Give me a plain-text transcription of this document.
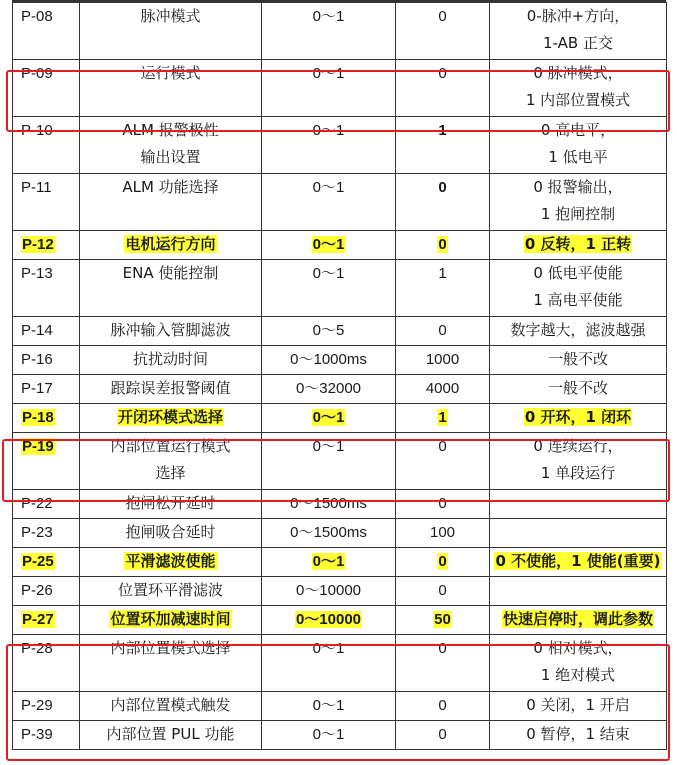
P-08	脉冲模式	0～1	0	0-脉冲+方向，
1-AB 正交

P-09	运行模式	0～1	0	0 脉冲模式，
1 内部位置模式

P-10	ALM 报警极性
输出设置	0～1	1	0 高电平，
1 低电平

P-11	ALM 功能选择	0～1	0	0 报警输出，
1 抱闸控制

P-12	电机运行方向	0～1	0	0 反转，1 正转

P-13	ENA 使能控制	0～1	1	0 低电平使能
1 高电平使能

P-14	脉冲输入管脚滤波	0～5	0	数字越大，滤波越强

P-16	抗扰动时间	0～1000ms	1000	一般不改

P-17	跟踪误差报警阈值	0～32000	4000	一般不改

P-18	开闭环模式选择	0～1	1	0 开环，1 闭环

P-19	内部位置运行模式
选择	0～1	0	0 连续运行，
1 单段运行

P-22	抱闸松开延时	0～1500ms	0	

P-23	抱闸吸合延时	0～1500ms	100	

P-25	平滑滤波使能	0～1	0	0 不使能，1 使能(重要)

P-26	位置环平滑滤波	0～10000	0	

P-27	位置环加减速时间	0～10000	50	快速启停时，调此参数

P-28	内部位置模式选择	0～1	0	0 相对模式，
1 绝对模式

P-29	内部位置模式触发	0～1	0	0 关闭，1 开启

P-39	内部位置 PUL 功能	0～1	0	0 暂停，1 结束
